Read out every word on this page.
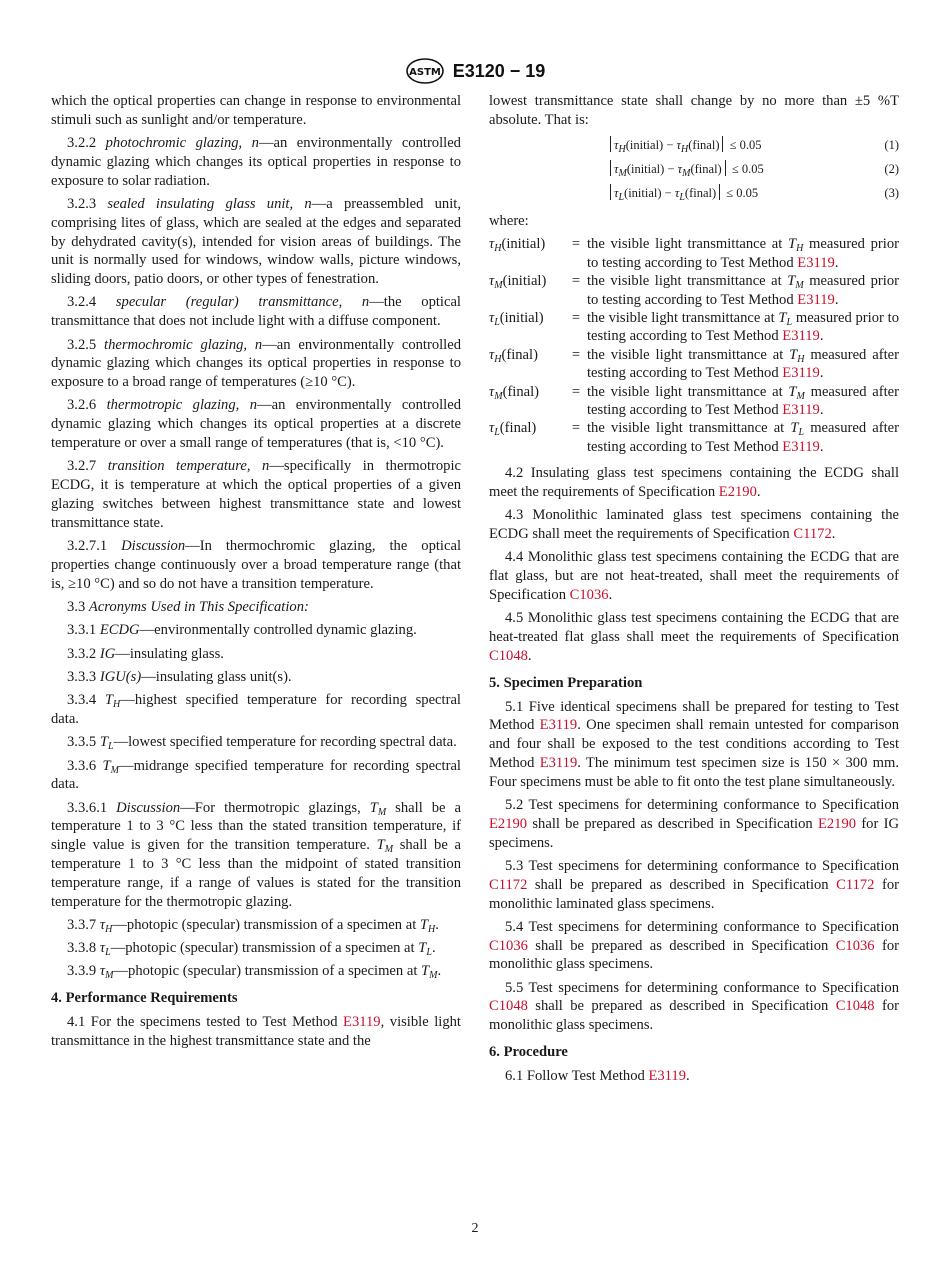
ASTM E3120 − 19

which the optical properties can change in response to environmental stimuli such as sunlight and/or temperature.

3.2.2 photochromic glazing, n—an environmentally controlled dynamic glazing which changes its optical properties in response to exposure to solar radiation.

3.2.3 sealed insulating glass unit, n—a preassembled unit, comprising lites of glass, which are sealed at the edges and separated by dehydrated cavity(s), intended for vision areas of buildings. The unit is normally used for windows, window walls, picture windows, sliding doors, patio doors, or other types of fenestration.

3.2.4 specular (regular) transmittance, n—the optical transmittance that does not include light with a diffuse component.

3.2.5 thermochromic glazing, n—an environmentally controlled dynamic glazing which changes its optical properties in response to exposure to a broad range of temperatures (≥10 °C).

3.2.6 thermotropic glazing, n—an environmentally controlled dynamic glazing which changes its optical properties at a discrete temperature or over a small range of temperatures (that is, <10 °C).

3.2.7 transition temperature, n—specifically in thermotropic ECDG, it is temperature at which the optical properties of a given glazing switches between highest transmittance state and lowest transmittance state.

3.2.7.1 Discussion—In thermochromic glazing, the optical properties change continuously over a broad temperature range (that is, ≥10 °C) and so do not have a transition temperature.

3.3 Acronyms Used in This Specification:

3.3.1 ECDG—environmentally controlled dynamic glazing.

3.3.2 IG—insulating glass.

3.3.3 IGU(s)—insulating glass unit(s).

3.3.4 $T_H—highest$ specified temperature for recording spectral data.

3.3.5 $T_L—lowest$ specified temperature for recording spectral data.

3.3.6 $T_M—midrange$ specified temperature for recording spectral data.

3.3.6.1 Discussion—For thermotropic glazings, $T_M$ shall be a temperature 1 to 3 °C less than the stated transition temperature, if single value is given for the transition temperature. $T_M$ shall be a temperature 1 to 3 °C less than the midpoint of stated transition temperature range, if a range of values is stated for the transition temperature for the thermotropic glazing.

3.3.7 $\tau_H—photopic$ (specular) transmission of a specimen at $T_H$.

3.3.8 $\tau_L—photopic$ (specular) transmission of a specimen at $T_L$.

3.3.9 $\tau_M—photopic$ (specular) transmission of a specimen at $T_M$.

4. Performance Requirements

4.1 For the specimens tested to Test Method E3119, visible light transmittance in the highest transmittance state and the

lowest transmittance state shall change by no more than ±5 %T absolute. That is:

$\tau_H(initial)$ − $\tau_H(final) \le 0.05$	(1)
$\tau_M(initial)$ − $\tau_M(final) \le 0.05$	(2)
$\tau_L(initial)$ − $\tau_L(final) \le 0.05$	(3)

where:

$\tau_H(initial)$	=	the visible light transmittance at $T_H$ measured prior to testing according to Test Method E3119.
$\tau_M(initial)$	=	the visible light transmittance at $T_M$ measured prior to testing according to Test Method E3119.
$\tau_L(initial)$	=	the visible light transmittance at $T_L$ measured prior to testing according to Test Method E3119.
$\tau_H(final)$	=	the visible light transmittance at $T_H$ measured after testing according to Test Method E3119.
$\tau_M(final)$	=	the visible light transmittance at $T_M$ measured after testing according to Test Method E3119.
$\tau_L(final)$	=	the visible light transmittance at $T_L$ measured after testing according to Test Method E3119.

4.2 Insulating glass test specimens containing the ECDG shall meet the requirements of Specification E2190.

4.3 Monolithic laminated glass test specimens containing the ECDG shall meet the requirements of Specification C1172.

4.4 Monolithic glass test specimens containing the ECDG that are flat glass, but are not heat-treated, shall meet the requirements of Specification C1036.

4.5 Monolithic glass test specimens containing the ECDG that are heat-treated flat glass shall meet the requirements of Specification C1048.

5. Specimen Preparation

5.1 Five identical specimens shall be prepared for testing to Test Method E3119. One specimen shall remain untested for comparison and four shall be exposed to the test conditions according to Test Method E3119. The minimum test specimen size is 150 × 300 mm. Four specimens must be able to fit onto the test plane simultaneously.

5.2 Test specimens for determining conformance to Specification E2190 shall be prepared as described in Specification E2190 for IG specimens.

5.3 Test specimens for determining conformance to Specification C1172 shall be prepared as described in Specification C1172 for monolithic laminated glass specimens.

5.4 Test specimens for determining conformance to Specification C1036 shall be prepared as described in Specification C1036 for monolithic glass specimens.

5.5 Test specimens for determining conformance to Specification C1048 shall be prepared as described in Specification C1048 for monolithic glass specimens.

6. Procedure

6.1 Follow Test Method E3119.

2
